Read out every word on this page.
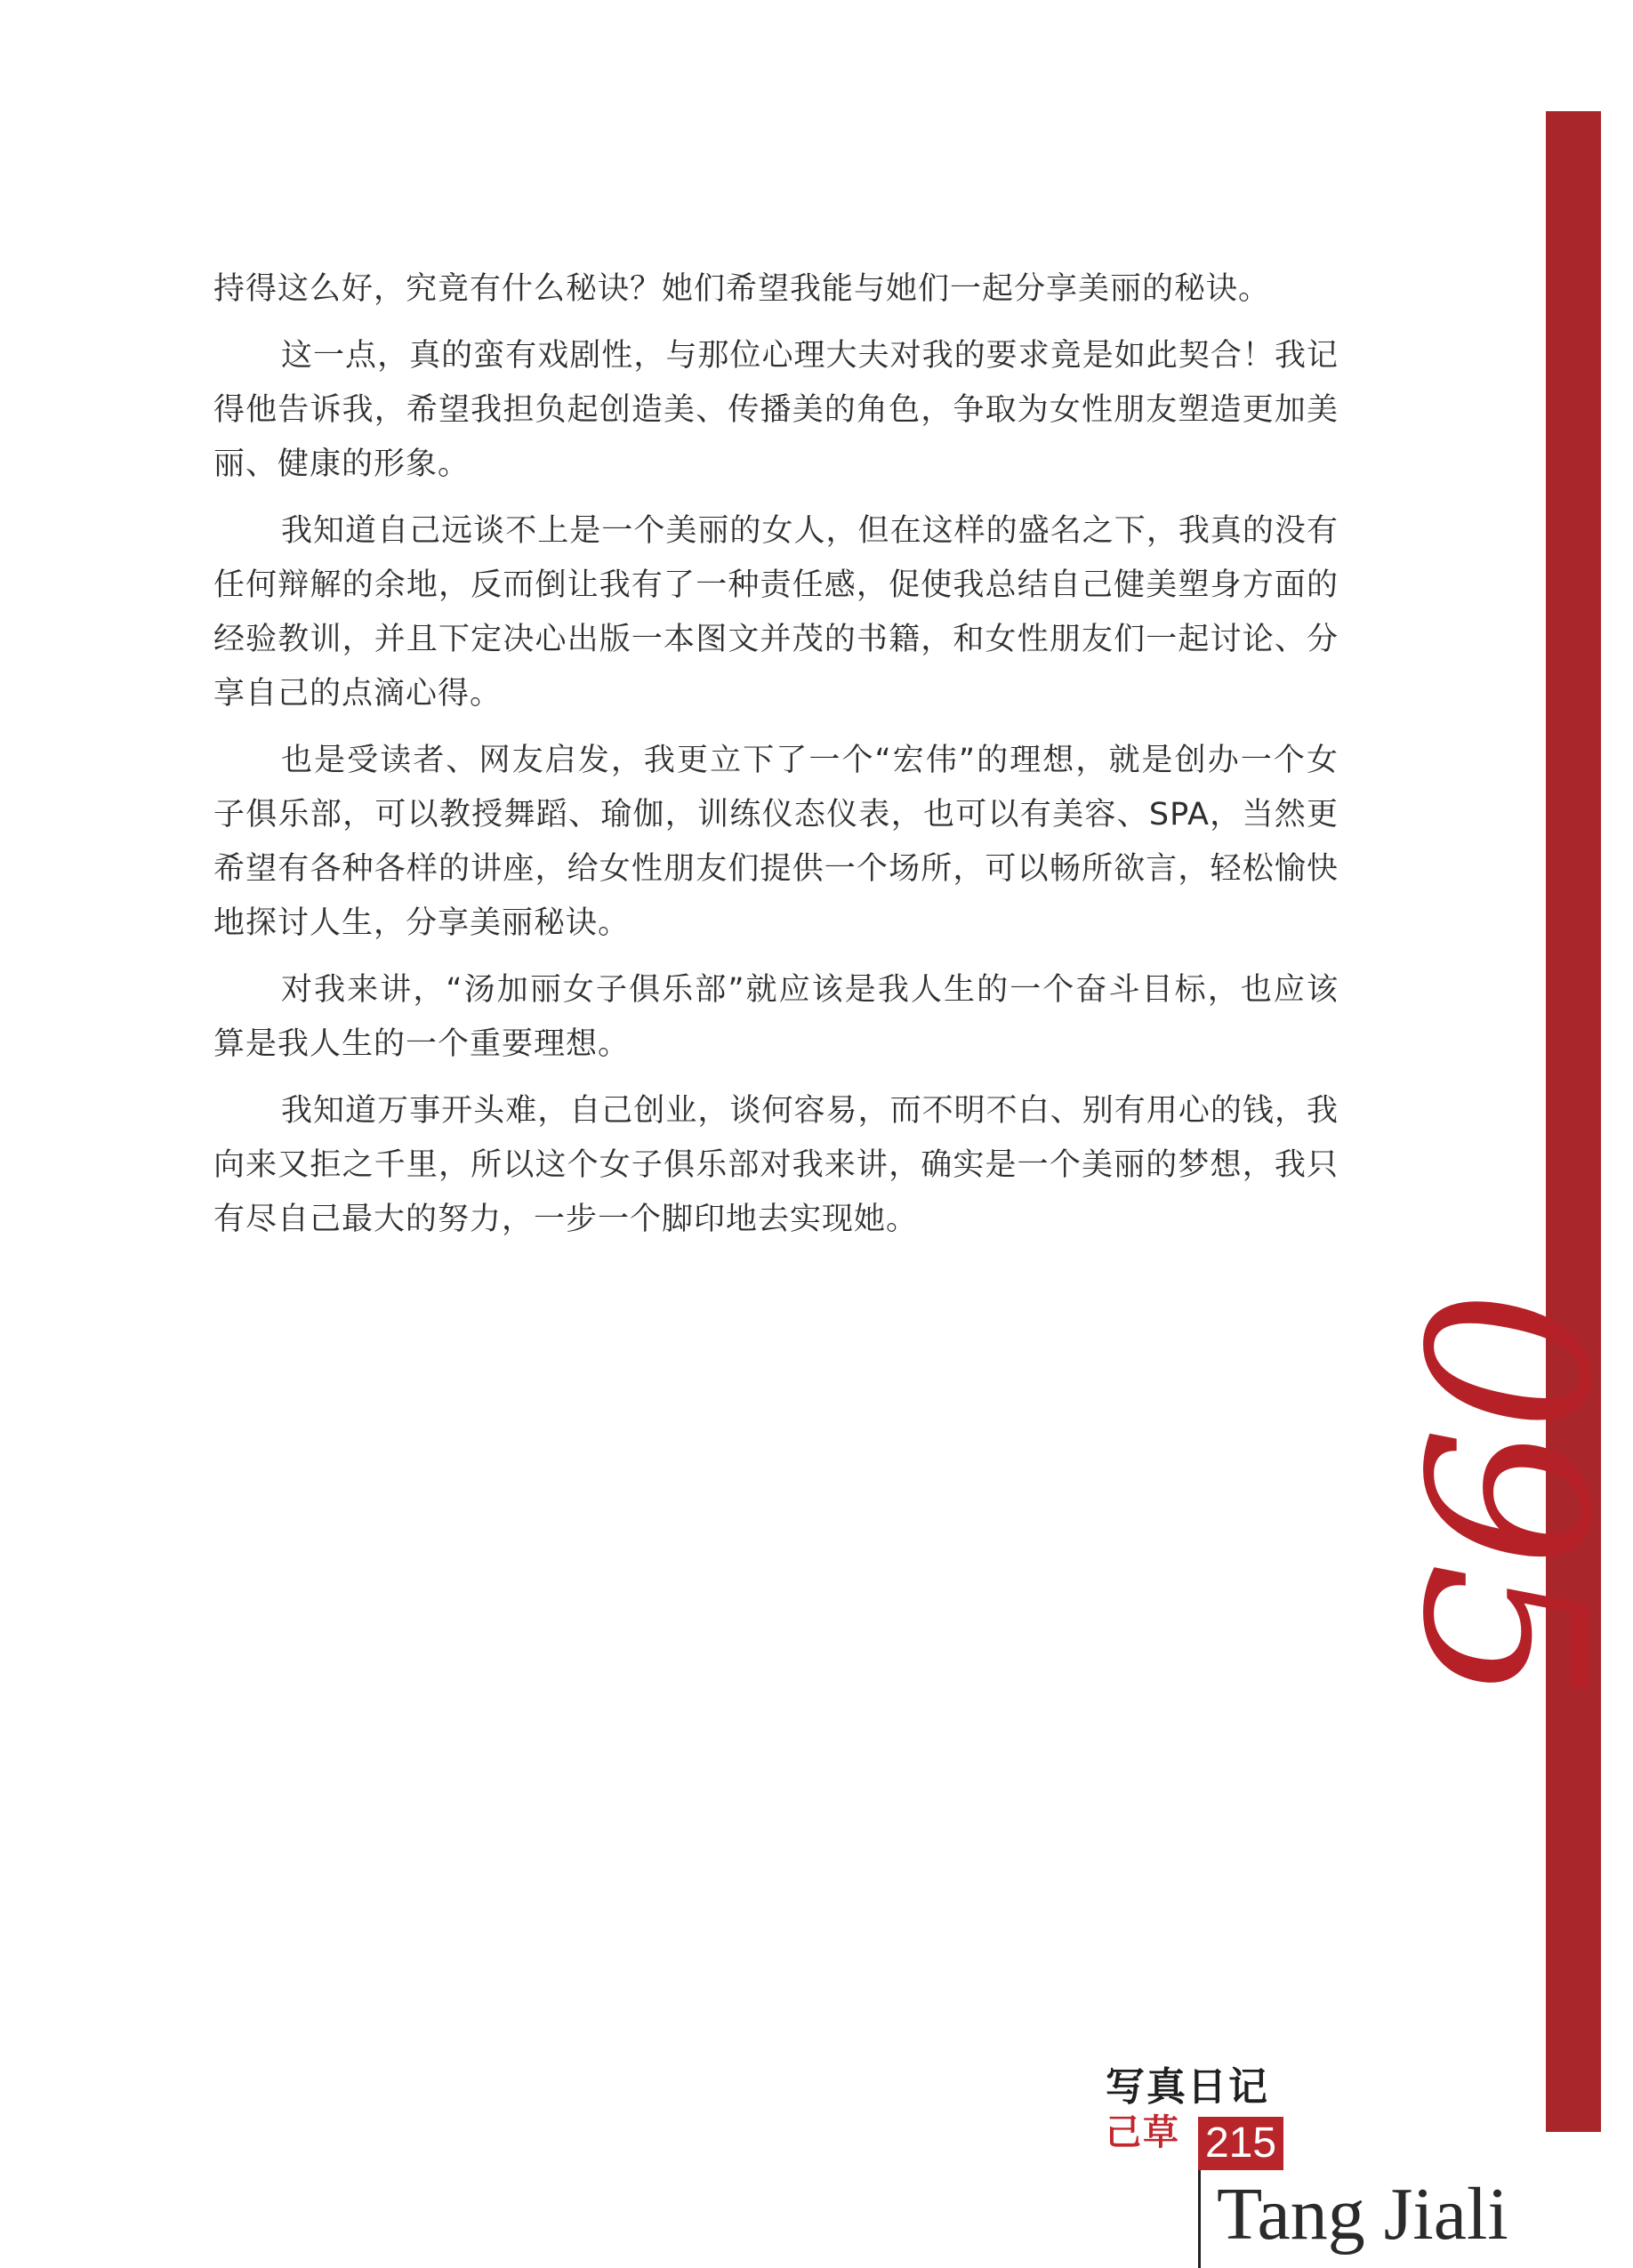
持得这么好，究竟有什么秘诀？她们希望我能与她们一起分享美丽的秘诀。

这一点，真的蛮有戏剧性，与那位心理大夫对我的要求竟是如此契合！我记得他告诉我，希望我担负起创造美、传播美的角色，争取为女性朋友塑造更加美丽、健康的形象。

我知道自己远谈不上是一个美丽的女人，但在这样的盛名之下，我真的没有任何辩解的余地，反而倒让我有了一种责任感，促使我总结自己健美塑身方面的经验教训，并且下定决心出版一本图文并茂的书籍，和女性朋友们一起讨论、分享自己的点滴心得。

也是受读者、网友启发，我更立下了一个“宏伟”的理想，就是创办一个女子俱乐部，可以教授舞蹈、瑜伽，训练仪态仪表，也可以有美容、SPA，当然更希望有各种各样的讲座，给女性朋友们提供一个场所，可以畅所欲言，轻松愉快地探讨人生，分享美丽秘诀。

对我来讲，“汤加丽女子俱乐部”就应该是我人生的一个奋斗目标，也应该算是我人生的一个重要理想。

我知道万事开头难，自己创业，谈何容易，而不明不白、别有用心的钱，我向来又拒之千里，所以这个女子俱乐部对我来讲，确实是一个美丽的梦想，我只有尽自己最大的努力，一步一个脚印地去实现她。

095
写真日记
己草 215
Tang Jiali
